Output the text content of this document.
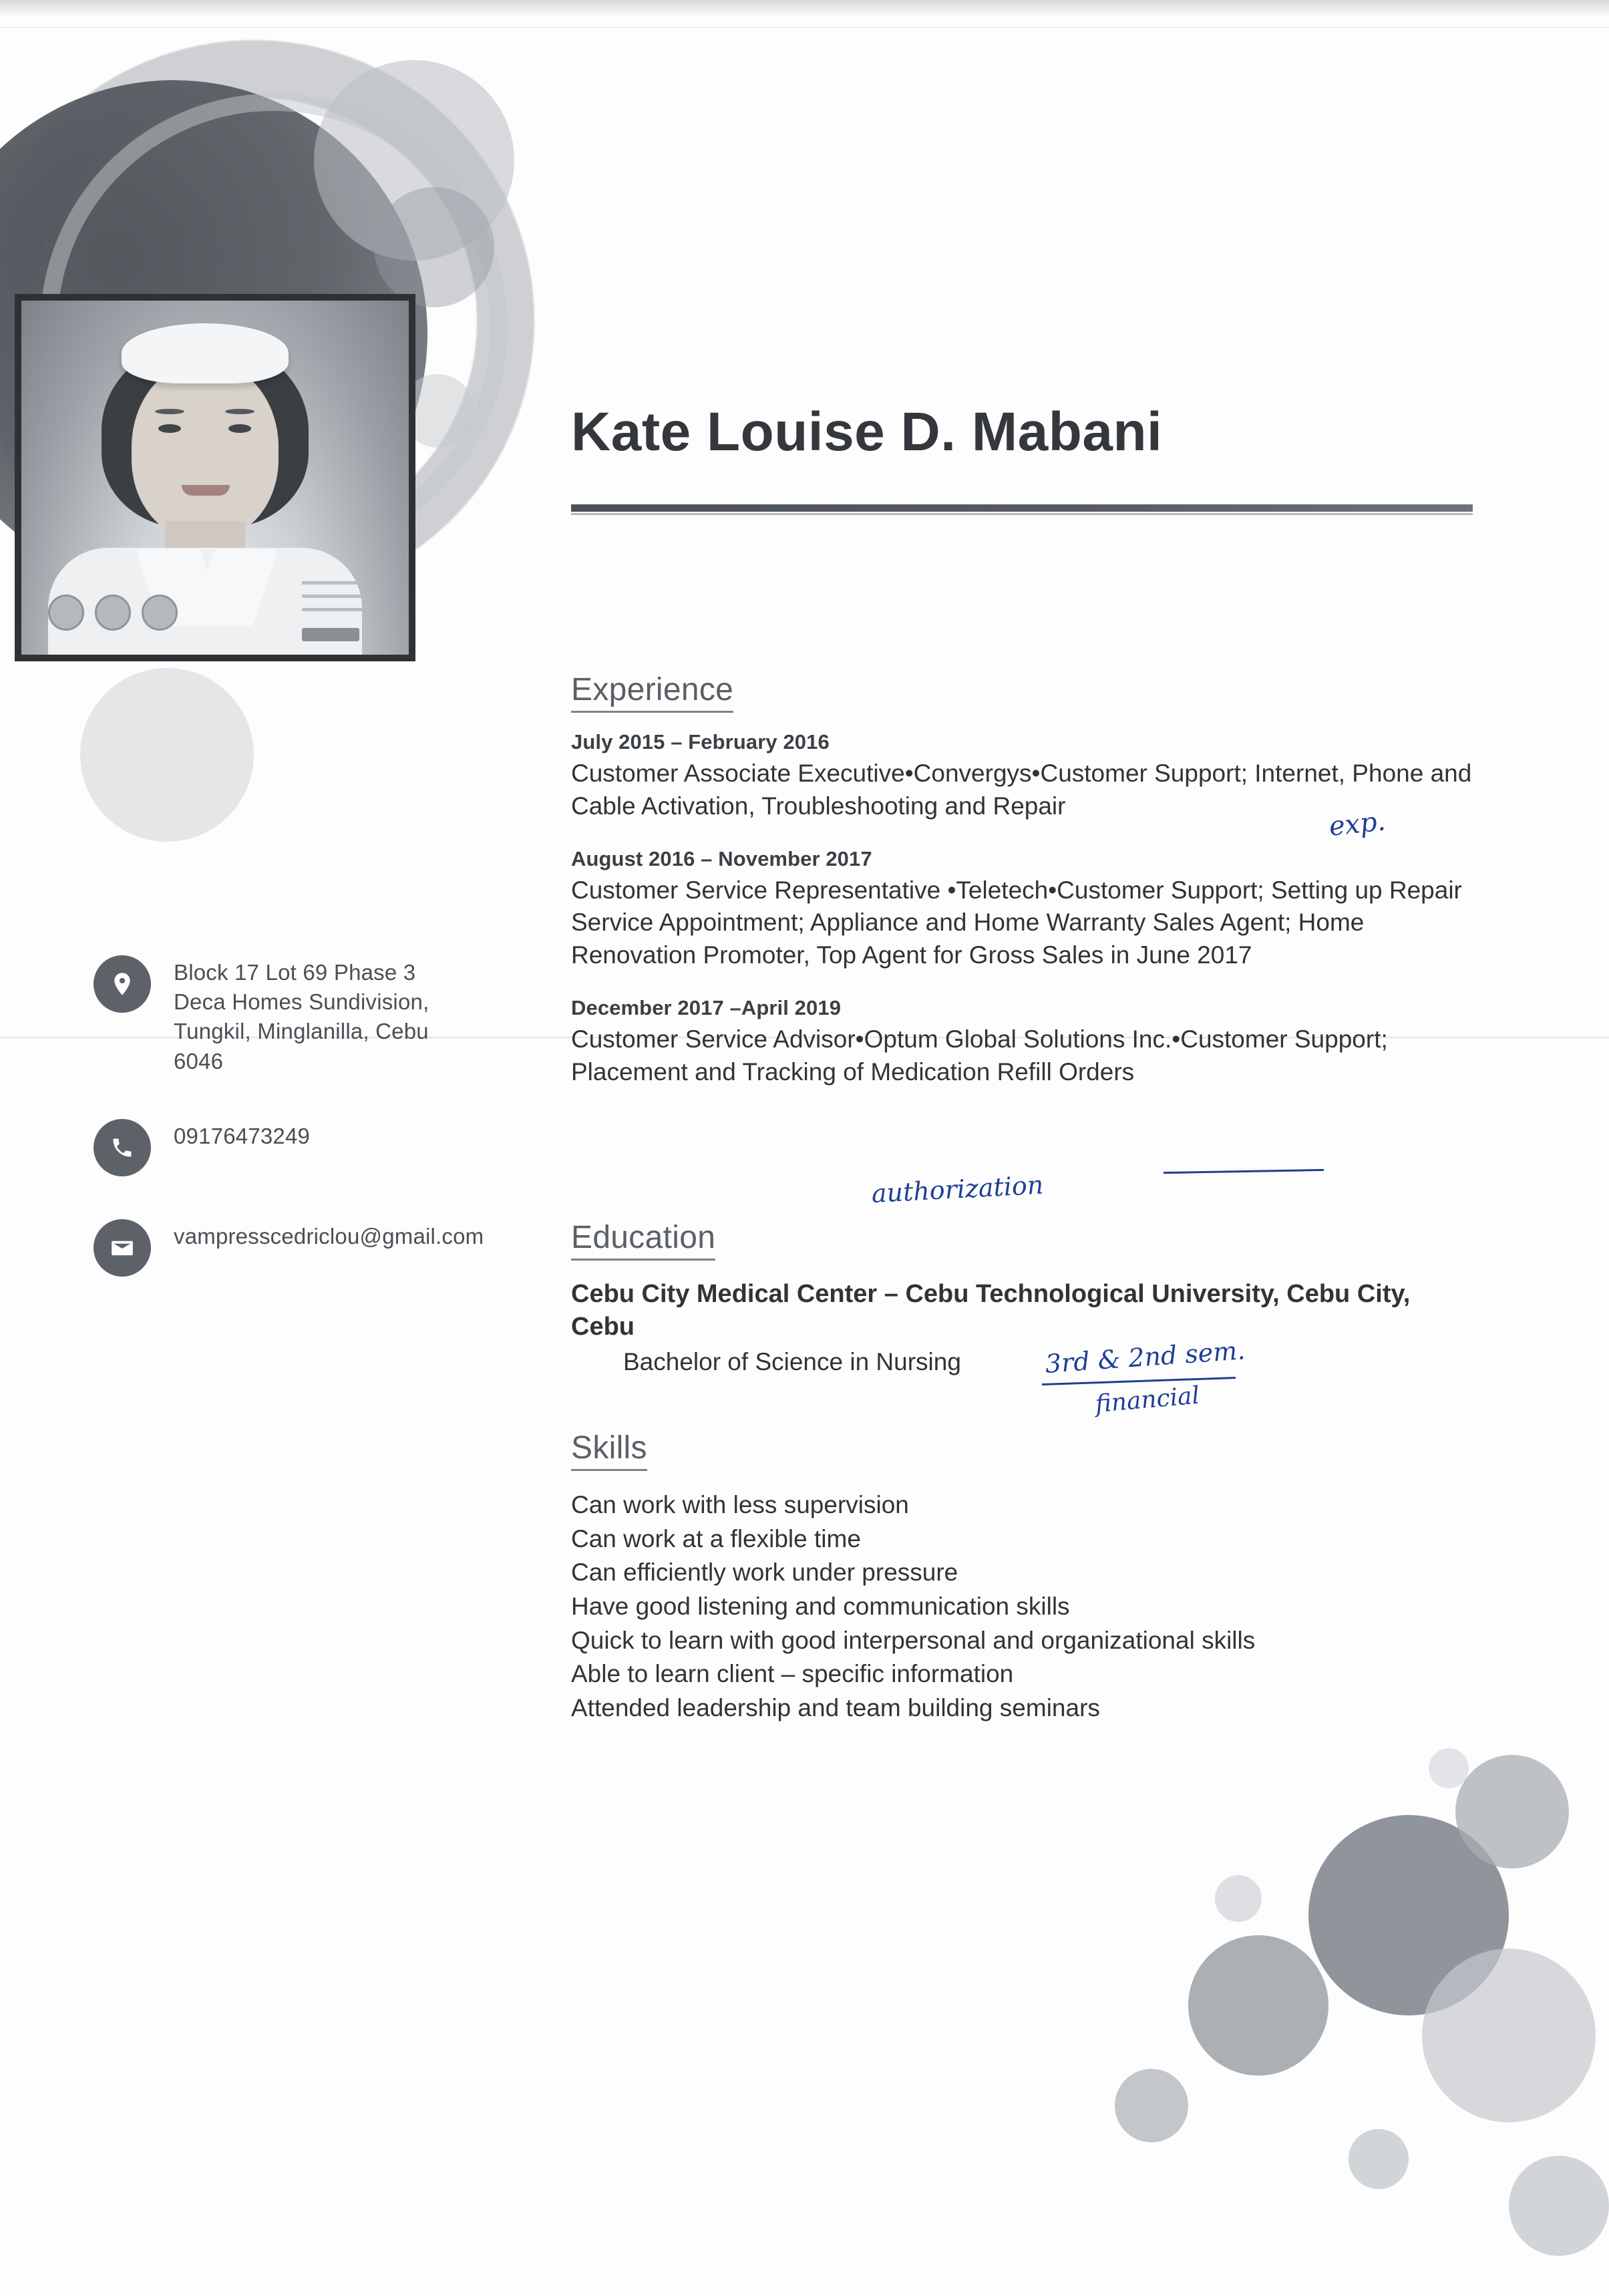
Block 17 Lot 69 Phase 3 Deca Homes Sundivision, Tungkil, Minglanilla, Cebu 6046
09176473249
vampresscedriclou@gmail.com
Kate Louise D. Mabani
Experience
July 2015 – February 2016
Customer Associate Executive•Convergys•Customer Support; Internet, Phone and Cable Activation, Troubleshooting and Repair
August 2016 – November 2017
Customer Service Representative •Teletech•Customer Support; Setting up Repair Service Appointment; Appliance and Home Warranty Sales Agent; Home Renovation Promoter, Top Agent for Gross Sales in June 2017
December 2017 –April 2019
Customer Service Advisor•Optum Global Solutions Inc.•Customer Support; Placement and Tracking of Medication Refill Orders
Education
Cebu City Medical Center – Cebu Technological University, Cebu City, Cebu
Bachelor of Science in Nursing
Skills
Can work with less supervision
Can work at a flexible time
Can efficiently work under pressure
Have good listening and communication skills
Quick to learn with good interpersonal and organizational skills
Able to learn client – specific information
Attended leadership and team building seminars
exp.
authorization
3rd & 2nd sem.
financial
